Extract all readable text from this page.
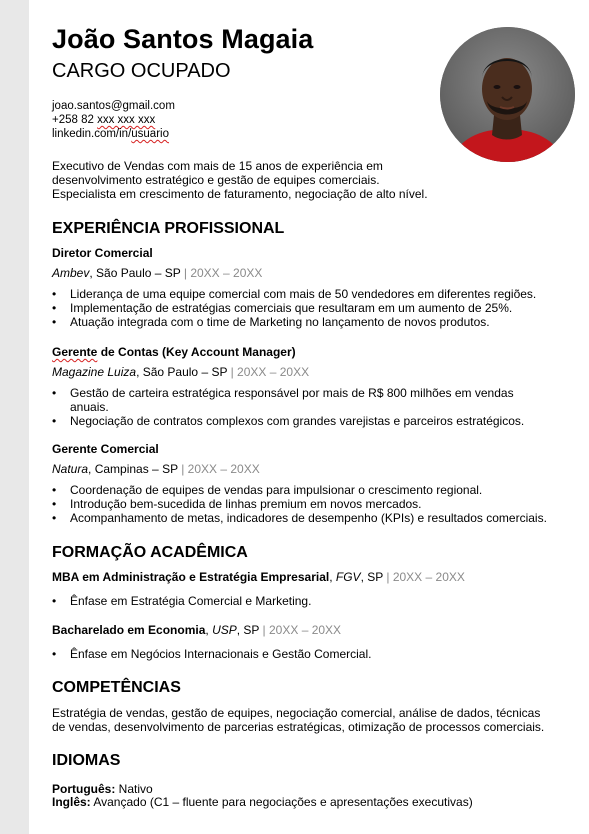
João Santos Magaia
CARGO OCUPADO
joao.santos@gmail.com
+258 82 xxx xxx xxx
linkedin.com/in/usuario
Executivo de Vendas com mais de 15 anos de experiência em
desenvolvimento estratégico e gestão de equipes comerciais.
Especialista em crescimento de faturamento, negociação de alto nível.
EXPERIÊNCIA PROFISSIONAL
Diretor Comercial
Ambev, São Paulo – SP | 20XX – 20XX
• Liderança de uma equipe comercial com mais de 50 vendedores em diferentes regiões.
• Implementação de estratégias comerciais que resultaram em um aumento de 25%.
• Atuação integrada com o time de Marketing no lançamento de novos produtos.
Gerente de Contas (Key Account Manager)
Magazine Luiza, São Paulo – SP | 20XX – 20XX
• Gestão de carteira estratégica responsável por mais de R$ 800 milhões em vendas anuais.
• Negociação de contratos complexos com grandes varejistas e parceiros estratégicos.
Gerente Comercial
Natura, Campinas – SP | 20XX – 20XX
• Coordenação de equipes de vendas para impulsionar o crescimento regional.
• Introdução bem-sucedida de linhas premium em novos mercados.
• Acompanhamento de metas, indicadores de desempenho (KPIs) e resultados comerciais.
FORMAÇÃO ACADÊMICA
MBA em Administração e Estratégia Empresarial, FGV, SP | 20XX – 20XX
• Ênfase em Estratégia Comercial e Marketing.
Bacharelado em Economia, USP, SP | 20XX – 20XX
• Ênfase em Negócios Internacionais e Gestão Comercial.
COMPETÊNCIAS
Estratégia de vendas, gestão de equipes, negociação comercial, análise de dados, técnicas
de vendas, desenvolvimento de parcerias estratégicas, otimização de processos comerciais.
IDIOMAS
Português: Nativo
Inglês: Avançado (C1 – fluente para negociações e apresentações executivas)
